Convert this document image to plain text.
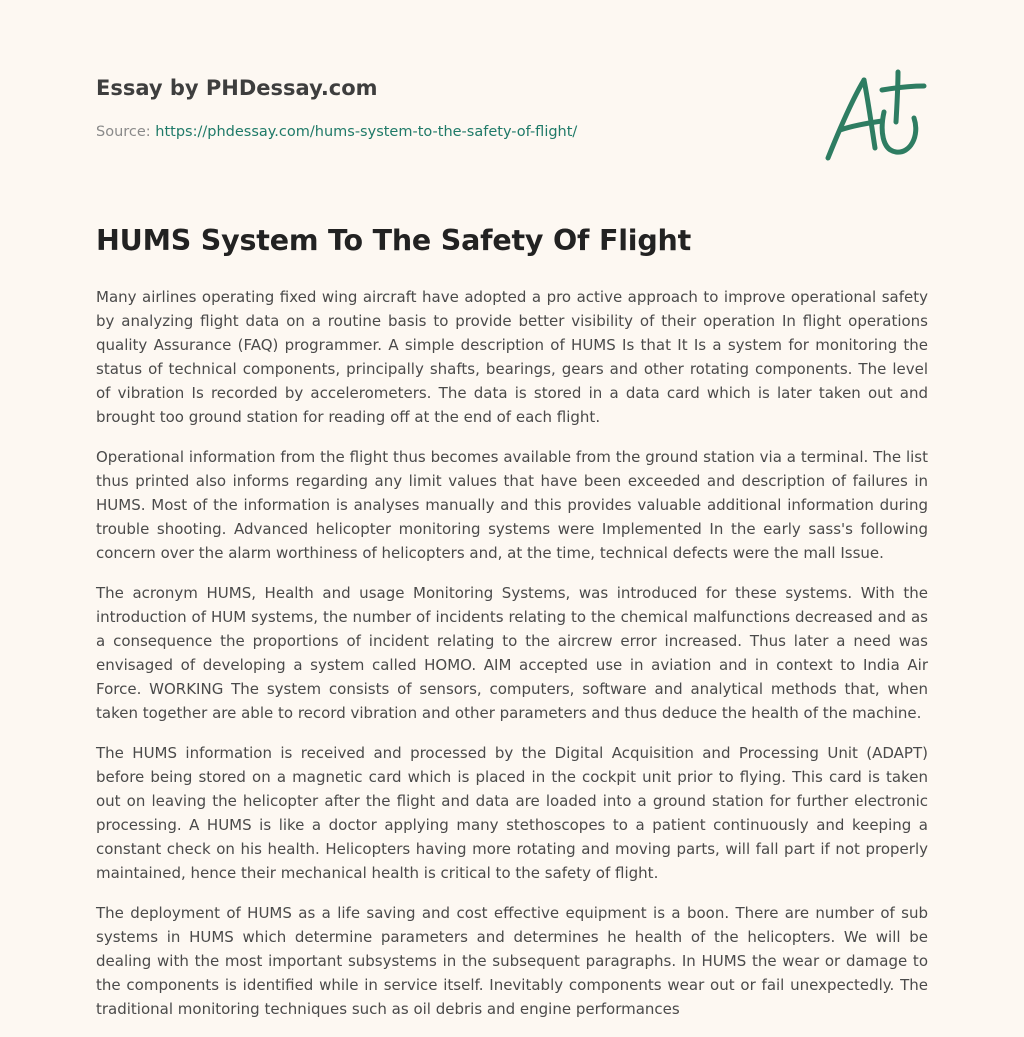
Essay by PHDessay.com
Source: https://phdessay.com/hums-system-to-the-safety-of-flight/
HUMS System To The Safety Of Flight

Many airlines operating fixed wing aircraft have adopted a pro active approach to improve operational safety by analyzing flight data on a routine basis to provide better visibility of their operation In flight operations quality Assurance (FAQ) programmer. A simple description of HUMS Is that It Is a system for monitoring the status of technical components, principally shafts, bearings, gears and other rotating components. The level of vibration Is recorded by accelerometers. The data is stored in a data card which is later taken out and brought too ground station for reading off at the end of each flight.

Operational information from the flight thus becomes available from the ground station via a terminal. The list thus printed also informs regarding any limit values that have been exceeded and description of failures in HUMS. Most of the information is analyses manually and this provides valuable additional information during trouble shooting. Advanced helicopter monitoring systems were Implemented In the early sass's following concern over the alarm worthiness of helicopters and, at the time, technical defects were the mall Issue.

The acronym HUMS, Health and usage Monitoring Systems, was introduced for these systems. With the introduction of HUM systems, the number of incidents relating to the chemical malfunctions decreased and as a consequence the proportions of incident relating to the aircrew error increased. Thus later a need was envisaged of developing a system called HOMO. AIM accepted use in aviation and in context to India Air Force. WORKING The system consists of sensors, computers, software and analytical methods that, when taken together are able to record vibration and other parameters and thus deduce the health of the machine.

The HUMS information is received and processed by the Digital Acquisition and Processing Unit (ADAPT) before being stored on a magnetic card which is placed in the cockpit unit prior to flying. This card is taken out on leaving the helicopter after the flight and data are loaded into a ground station for further electronic processing. A HUMS is like a doctor applying many stethoscopes to a patient continuously and keeping a constant check on his health. Helicopters having more rotating and moving parts, will fall part if not properly maintained, hence their mechanical health is critical to the safety of flight.

The deployment of HUMS as a life saving and cost effective equipment is a boon. There are number of sub systems in HUMS which determine parameters and determines he health of the helicopters. We will be dealing with the most important subsystems in the subsequent paragraphs. In HUMS the wear or damage to the components is identified while in service itself. Inevitably components wear out or fail unexpectedly. The traditional monitoring techniques such as oil debris and engine performances
